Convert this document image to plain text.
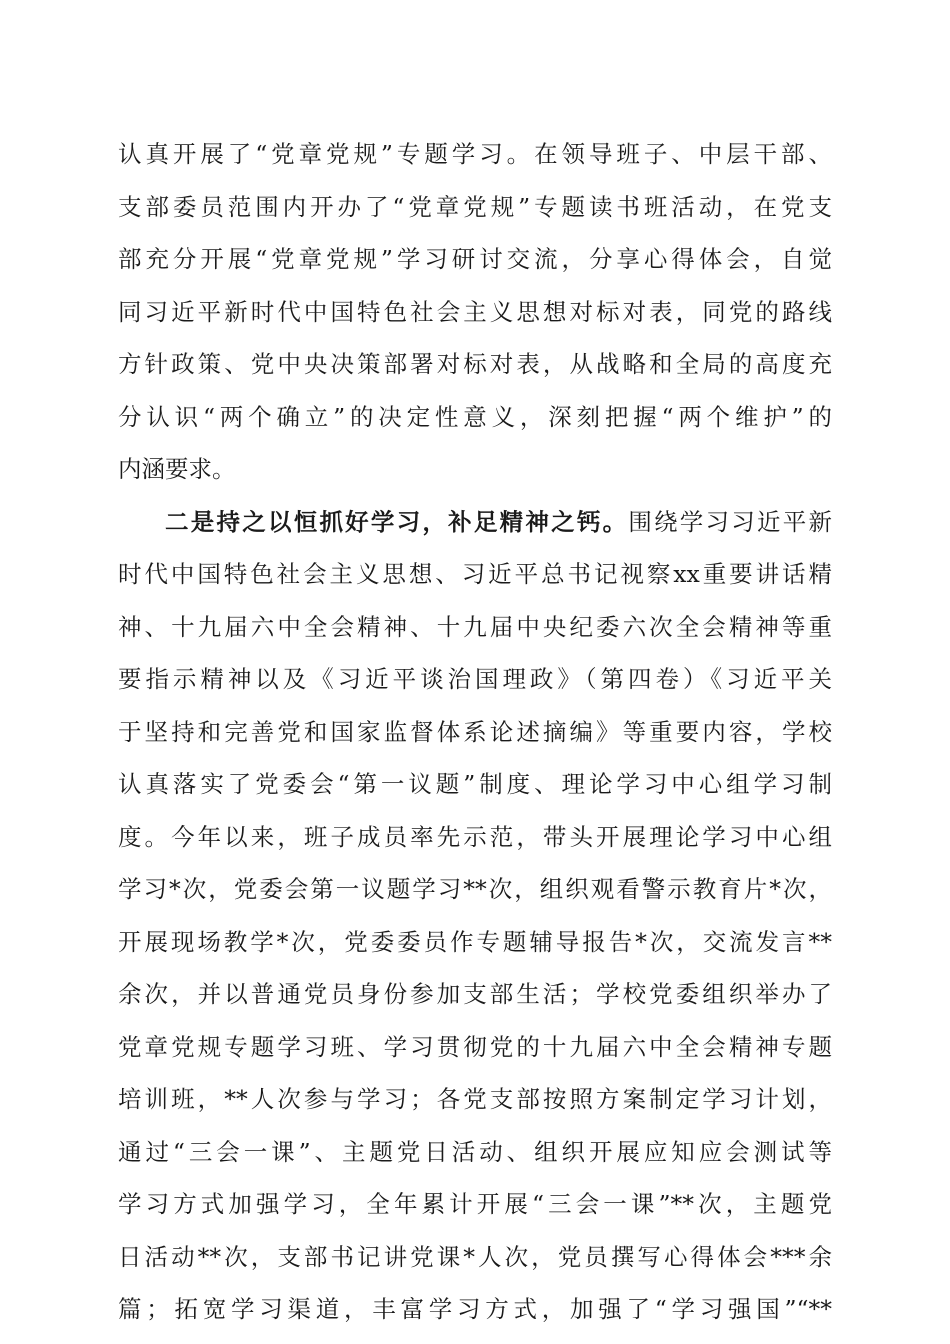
认真开展了“党章党规”专题学习。在领导班子、中层干部、
支部委员范围内开办了“党章党规”专题读书班活动，在党支
部充分开展“党章党规”学习研讨交流，分享心得体会，自觉
同习近平新时代中国特色社会主义思想对标对表，同党的路线
方针政策、党中央决策部署对标对表，从战略和全局的高度充
分认识“两个确立”的决定性意义，深刻把握“两个维护”的
内涵要求。
二是持之以恒抓好学习，补足精神之钙。围绕学习习近平新
时代中国特色社会主义思想、习近平总书记视察xx重要讲话精
神、十九届六中全会精神、十九届中央纪委六次全会精神等重
要指示精神以及《习近平谈治国理政》（第四卷）《习近平关
于坚持和完善党和国家监督体系论述摘编》等重要内容，学校
认真落实了党委会“第一议题”制度、理论学习中心组学习制
度。今年以来，班子成员率先示范，带头开展理论学习中心组
学习*次，党委会第一议题学习**次，组织观看警示教育片*次，
开展现场教学*次，党委委员作专题辅导报告*次，交流发言**
余次，并以普通党员身份参加支部生活；学校党委组织举办了
党章党规专题学习班、学习贯彻党的十九届六中全会精神专题
培训班，**人次参与学习；各党支部按照方案制定学习计划，
通过“三会一课”、主题党日活动、组织开展应知应会测试等
学习方式加强学习，全年累计开展“三会一课”**次，主题党
日活动**次，支部书记讲党课*人次，党员撰写心得体会***余
篇；拓宽学习渠道，丰富学习方式，加强了“学习强国”“**
